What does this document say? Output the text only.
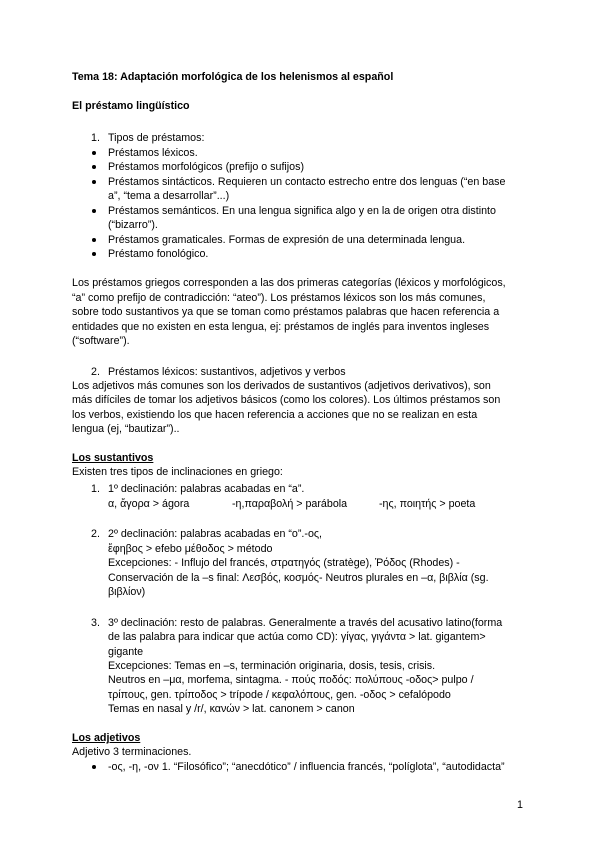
Tema 18: Adaptación morfológica de los helenismos al español
El préstamo lingüístico
1. Tipos de préstamos:
Préstamos léxicos.
Préstamos morfológicos (prefijo o sufijos)
Préstamos sintácticos. Requieren un contacto estrecho entre dos lenguas (“en base
a”, “tema a desarrollar”...)
Préstamos semánticos. En una lengua significa algo y en la de origen otra distinto
(“bizarro”).
Préstamos gramaticales. Formas de expresión de una determinada lengua.
Préstamo fonológico.
Los préstamos griegos corresponden a las dos primeras categorías (léxicos y morfológicos,
“a” como prefijo de contradicción: “ateo”). Los préstamos léxicos son los más comunes,
sobre todo sustantivos ya que se toman como préstamos palabras que hacen referencia a
entidades que no existen en esta lengua, ej: préstamos de inglés para inventos ingleses
(“software”).
2. Préstamos léxicos: sustantivos, adjetivos y verbos
Los adjetivos más comunes son los derivados de sustantivos (adjetivos derivativos), son
más difíciles de tomar los adjetivos básicos (como los colores). Los últimos préstamos son
los verbos, existiendo los que hacen referencia a acciones que no se realizan en esta
lengua (ej, “bautizar”)..
Los sustantivos
Existen tres tipos de inclinaciones en griego:
1. 1º declinación: palabras acabadas en “a”.
α, ἄγορα > ágora	-η,παραβολή > parábola	-ης, ποιητής > poeta
2. 2º declinación: palabras acabadas en “o”.-ος,
ἔφηβος > efebo μέθοδος > método
Excepciones: - Influjo del francés, στρατηγός (stratège), Ῥόδος (Rhodes) -
Conservación de la –s final: Λεσβός, κοσμός- Neutros plurales en –α, βιβλία (sg.
βιβλίον)
3. 3º declinación: resto de palabras. Generalmente a través del acusativo latino(forma
de las palabra para indicar que actúa como CD): γίγας, γιγάντα > lat. gigantem>
gigante
Excepciones: Temas en –s, terminación originaria, dosis, tesis, crisis.
Neutros en –μα, morfema, sintagma. - πούς ποδός: πολύπους -οδος> pulpo /
τρίπους, gen. τρίποδος > trípode / κεφαλόπους, gen. -οδος > cefalópodo
Temas en nasal y /r/, κανών > lat. canonem > canon
Los adjetivos
Adjetivo 3 terminaciones.
-ος, -η, -ον 1. “Filosófico”; “anecdótico” / influencia francés, “políglota”, “autodidacta”
1
